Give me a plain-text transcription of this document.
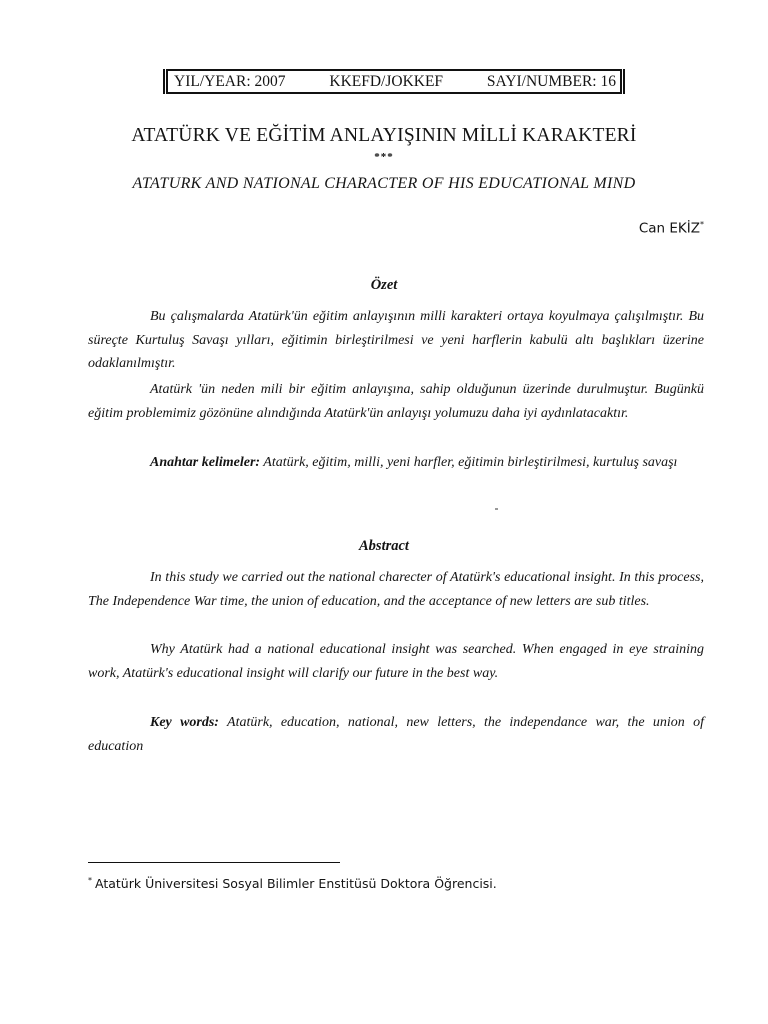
YIL/YEAR: 2007	KKEFD/JOKKEF	SAYI/NUMBER: 16
ATATÜRK VE EĞİTİM ANLAYIŞININ MİLLİ KARAKTERİ
***
ATATURK AND NATIONAL CHARACTER OF HIS EDUCATIONAL MIND
Can EKİZ*
Özet
Bu çalışmalarda Atatürk'ün eğitim anlayışının milli karakteri ortaya koyulmaya çalışılmıştır. Bu süreçte Kurtuluş Savaşı yılları, eğitimin birleştirilmesi ve yeni harflerin kabulü altı başlıkları üzerine odaklanılmıştır.
Atatürk 'ün neden mili bir eğitim anlayışına, sahip olduğunun üzerinde durulmuştur. Bugünkü eğitim problemimiz gözönüne alındığında Atatürk'ün anlayışı yolumuzu daha iyi aydınlatacaktır.
Anahtar kelimeler: Atatürk, eğitim, milli, yeni harfler, eğitimin birleştirilmesi, kurtuluş savaşı
Abstract
In this study we carried out the national charecter of Atatürk's educational insight. In this process, The Independence War time, the union of education, and the acceptance of new letters are sub titles.
Why Atatürk had a national educational insight was searched. When engaged in eye straining work, Atatürk's educational insight will clarify our future in the best way.
Key words: Atatürk, education, national, new letters, the independance war, the union of education
* Atatürk Üniversitesi Sosyal Bilimler Enstitüsü Doktora Öğrencisi.
